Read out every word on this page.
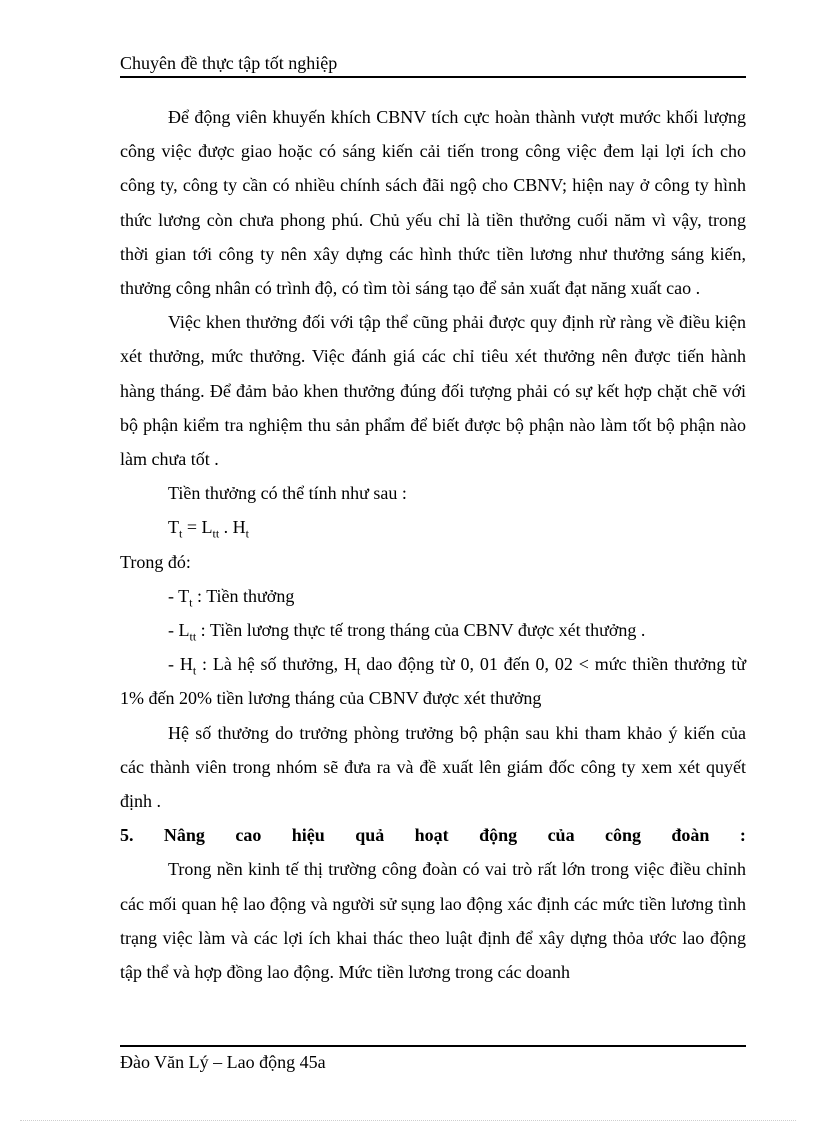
Chuyên đề thực tập tốt nghiệp

Để động viên khuyến khích CBNV tích cực hoàn thành vượt mước khối lượng công việc được giao hoặc có sáng kiến cải tiến trong công việc đem lại lợi ích cho công ty, công ty cần có nhiều chính sách đãi ngộ cho CBNV; hiện nay ở công ty hình thức lương còn chưa phong phú. Chủ yếu chỉ là tiền thưởng cuối năm vì vậy, trong thời gian tới công ty nên xây dựng các hình thức tiền lương như thưởng sáng kiến, thưởng công nhân có trình độ, có tìm tòi sáng tạo để sản xuất đạt năng xuất cao .

Việc khen thưởng đối với tập thể cũng phải được quy định rừ ràng về điều kiện xét thưởng, mức thưởng. Việc đánh giá các chỉ tiêu xét thưởng nên được tiến hành hàng tháng. Để đảm bảo khen thưởng đúng đối tượng phải có sự kết hợp chặt chẽ với bộ phận kiểm tra nghiệm thu sản phẩm để biết được bộ phận nào làm tốt bộ phận nào làm chưa tốt .

Tiền thưởng có thể tính như sau :

$T_t = L_{tt}$ . $H_t$

Trong đó:

- $T_t$ : Tiền thưởng

- $L_{tt}$ : Tiền lương thực tế trong tháng của CBNV được xét thưởng .

- $H_t$ : Là hệ số thưởng, $H_t$ dao động từ 0, 01 đến 0, 02 < mức thiền thưởng từ 1% đến 20% tiền lương tháng của CBNV được xét thưởng

Hệ số thưởng do trưởng phòng trưởng bộ phận sau khi tham khảo ý kiến của các thành viên trong nhóm sẽ đưa ra và đề xuất lên giám đốc công ty xem xét quyết định .

5. Nâng cao hiệu quả hoạt động của công đoàn :

Trong nền kinh tế thị trường công đoàn có vai trò rất lớn trong việc điều chỉnh các mối quan hệ lao động và người sử sụng lao động xác định các mức tiền lương tình trạng việc làm và các lợi ích khai thác theo luật định để xây dựng thỏa ước lao động tập thể và hợp đồng lao động. Mức tiền lương trong các doanh

Đào Văn Lý – Lao động 45a
